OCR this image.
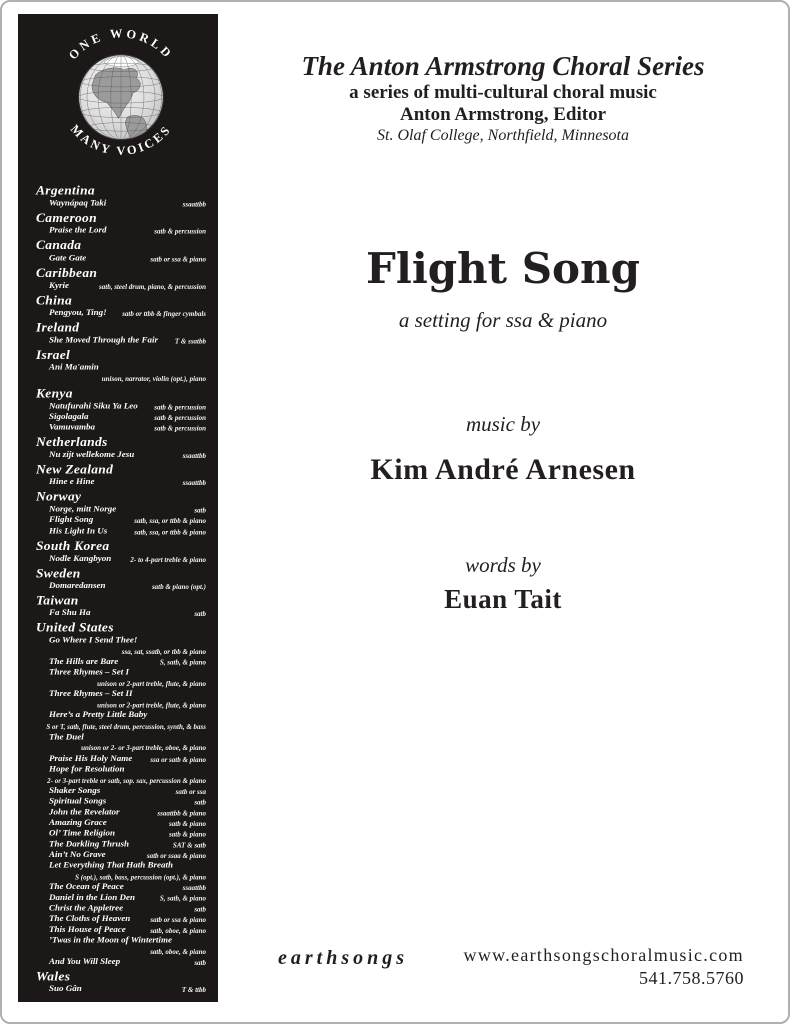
ONE WORLD
MANY VOICES
Argentina
Waynápaq Taki	ssaattbb
Cameroon
Praise the Lord	satb & percussion
Canada
Gate Gate	satb or ssa & piano
Caribbean
Kyrie	satb, steel drum, piano, & percussion
China
Pengyou, Ting!	satb or ttbb & finger cymbals
Ireland
She Moved Through the Fair	T & ssatbb
Israel
Ani Ma'amin
unison, narrator, violin (opt.), piano
Kenya
Natufurahi Siku Ya Leo	satb & percussion
Sigolagala	satb & percussion
Vamuvamba	satb & percussion
Netherlands
Nu zijt wellekome Jesu	ssaattbb
New Zealand
Hine e Hine	ssaattbb
Norway
Norge, mitt Norge	satb
Flight Song	satb, ssa, or ttbb & piano
His Light In Us	satb, ssa, or ttbb & piano
South Korea
Nodle Kangbyon	2- to 4-part treble & piano
Sweden
Domaredansen	satb & piano (opt.)
Taiwan
Fa Shu Ha	satb
United States
Go Where I Send Thee!
ssa, sat, ssatb, or tbb & piano
The Hills are Bare	S, satb, & piano
Three Rhymes – Set I
unison or 2-part treble, flute, & piano
Three Rhymes – Set II
unison or 2-part treble, flute, & piano
Here’s a Pretty Little Baby
S or T, satb, flute, steel drum, percussion, synth, & bass
The Duel
unison or 2- or 3-part treble, oboe, & piano
Praise His Holy Name	ssa or satb & piano
Hope for Resolution
2- or 3-part treble or satb, sop. sax, percussion & piano
Shaker Songs	satb or ssa
Spiritual Songs	satb
John the Revelator	ssaattbb & piano
Amazing Grace	satb & piano
Ol’ Time Religion	satb & piano
The Darkling Thrush	SAT & satb
Ain’t No Grave	satb or ssaa & piano
Let Everything That Hath Breath
S (opt.), satb, bass, percussion (opt.), & piano
The Ocean of Peace	ssaattbb
Daniel in the Lion Den	S, satb, & piano
Christ the Appletree	satb
The Cloths of Heaven	satb or ssa & piano
This House of Peace	satb, oboe, & piano
’Twas in the Moon of Wintertime
satb, oboe, & piano
And You Will Sleep	satb
Wales
Suo Gân	T & ttbb
The Anton Armstrong Choral Series
a series of multi-cultural choral music
Anton Armstrong, Editor
St. Olaf College, Northfield, Minnesota
Flight Song
a setting for ssa & piano
music by
Kim André Arnesen
words by
Euan Tait
earthsongs	www.earthsongschoralmusic.com
541.758.5760
